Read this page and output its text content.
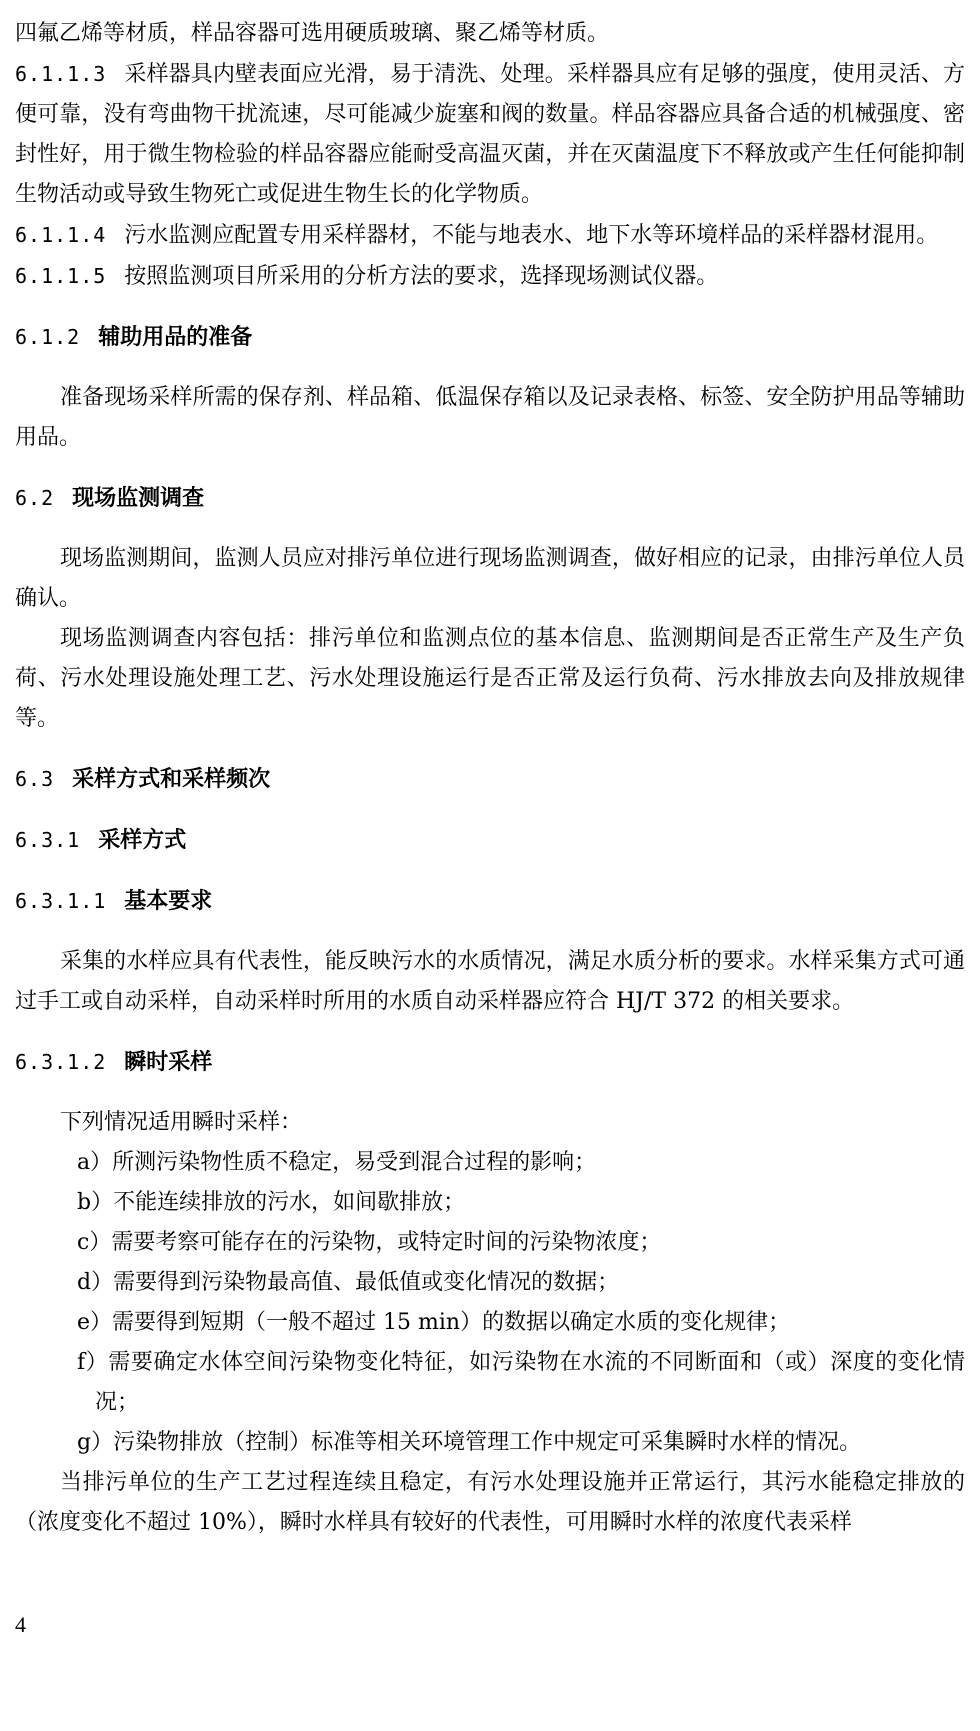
四氟乙烯等材质，样品容器可选用硬质玻璃、聚乙烯等材质。

6.1.1.3 采样器具内壁表面应光滑，易于清洗、处理。采样器具应有足够的强度，使用灵活、方便可靠，没有弯曲物干扰流速，尽可能减少旋塞和阀的数量。样品容器应具备合适的机械强度、密封性好，用于微生物检验的样品容器应能耐受高温灭菌，并在灭菌温度下不释放或产生任何能抑制生物活动或导致生物死亡或促进生物生长的化学物质。

6.1.1.4 污水监测应配置专用采样器材，不能与地表水、地下水等环境样品的采样器材混用。

6.1.1.5 按照监测项目所采用的分析方法的要求，选择现场测试仪器。

6.1.2 辅助用品的准备

准备现场采样所需的保存剂、样品箱、低温保存箱以及记录表格、标签、安全防护用品等辅助用品。

6.2 现场监测调查

现场监测期间，监测人员应对排污单位进行现场监测调查，做好相应的记录，由排污单位人员确认。

现场监测调查内容包括：排污单位和监测点位的基本信息、监测期间是否正常生产及生产负荷、污水处理设施处理工艺、污水处理设施运行是否正常及运行负荷、污水排放去向及排放规律等。

6.3 采样方式和采样频次

6.3.1 采样方式

6.3.1.1 基本要求

采集的水样应具有代表性，能反映污水的水质情况，满足水质分析的要求。水样采集方式可通过手工或自动采样，自动采样时所用的水质自动采样器应符合 HJ/T 372 的相关要求。

6.3.1.2 瞬时采样

下列情况适用瞬时采样：

a）所测污染物性质不稳定，易受到混合过程的影响；

b）不能连续排放的污水，如间歇排放；

c）需要考察可能存在的污染物，或特定时间的污染物浓度；

d）需要得到污染物最高值、最低值或变化情况的数据；

e）需要得到短期（一般不超过 15 min）的数据以确定水质的变化规律；

f）需要确定水体空间污染物变化特征，如污染物在水流的不同断面和（或）深度的变化情况；

g）污染物排放（控制）标准等相关环境管理工作中规定可采集瞬时水样的情况。

当排污单位的生产工艺过程连续且稳定，有污水处理设施并正常运行，其污水能稳定排放的（浓度变化不超过 10%），瞬时水样具有较好的代表性，可用瞬时水样的浓度代表采样

4
